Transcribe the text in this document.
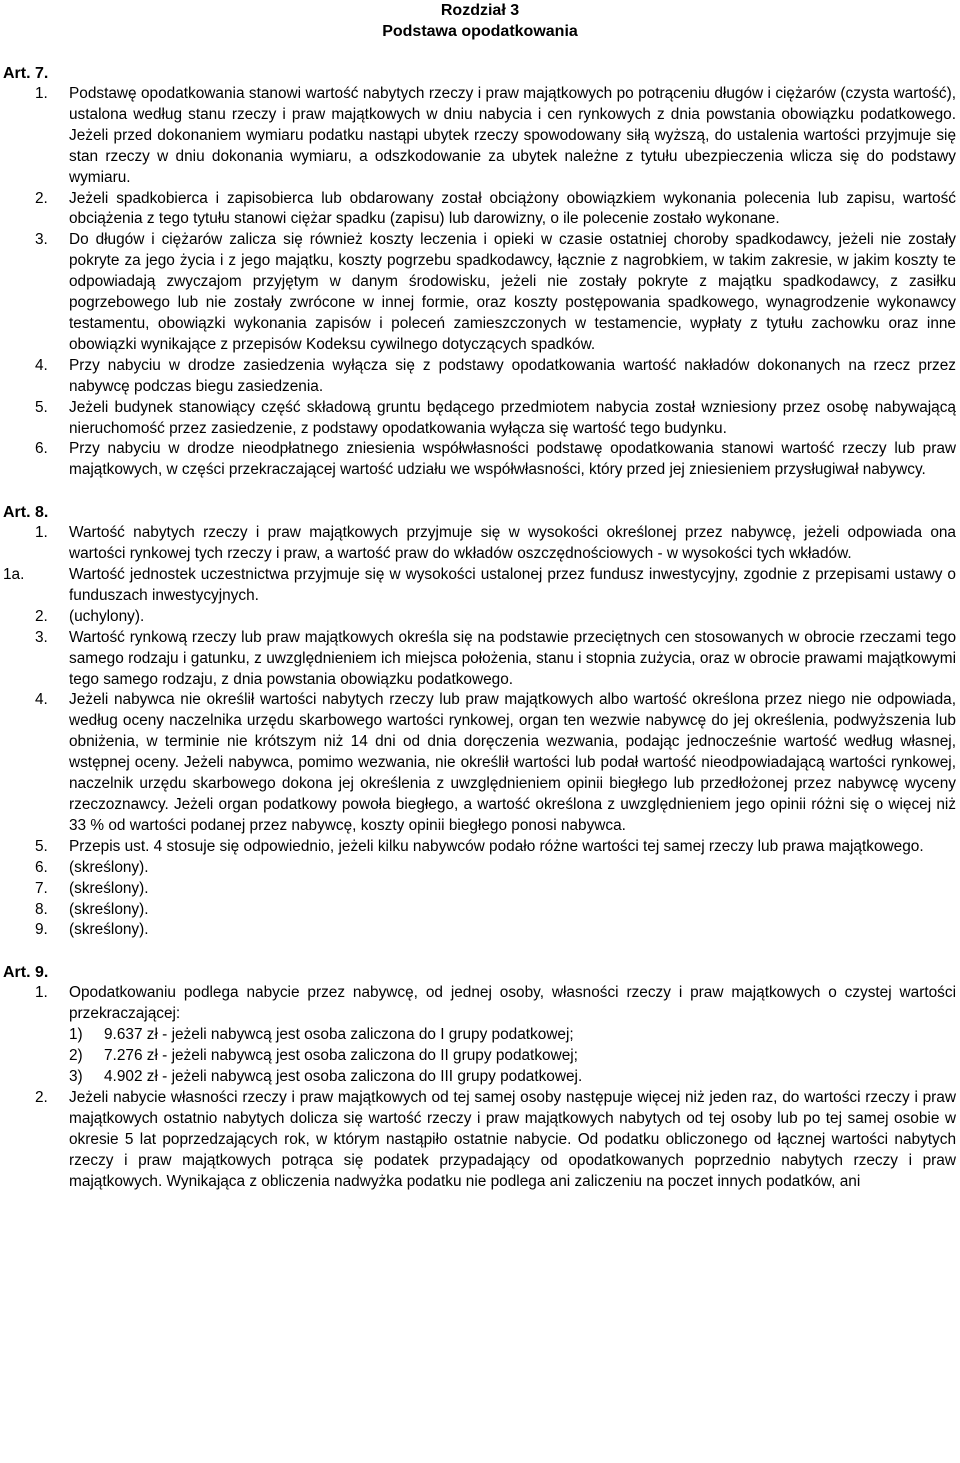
Rozdział 3
Podstawa opodatkowania
Art. 7.
1. Podstawę opodatkowania stanowi wartość nabytych rzeczy i praw majątkowych po potrąceniu długów i ciężarów (czysta wartość), ustalona według stanu rzeczy i praw majątkowych w dniu nabycia i cen rynkowych z dnia powstania obowiązku podatkowego. Jeżeli przed dokonaniem wymiaru podatku nastąpi ubytek rzeczy spowodowany siłą wyższą, do ustalenia wartości przyjmuje się stan rzeczy w dniu dokonania wymiaru, a odszkodowanie za ubytek należne z tytułu ubezpieczenia wlicza się do podstawy wymiaru.
2. Jeżeli spadkobierca i zapisobierca lub obdarowany został obciążony obowiązkiem wykonania polecenia lub zapisu, wartość obciążenia z tego tytułu stanowi ciężar spadku (zapisu) lub darowizny, o ile polecenie zostało wykonane.
3. Do długów i ciężarów zalicza się również koszty leczenia i opieki w czasie ostatniej choroby spadkodawcy, jeżeli nie zostały pokryte za jego życia i z jego majątku, koszty pogrzebu spadkodawcy, łącznie z nagrobkiem, w takim zakresie, w jakim koszty te odpowiadają zwyczajom przyjętym w danym środowisku, jeżeli nie zostały pokryte z majątku spadkodawcy, z zasiłku pogrzebowego lub nie zostały zwrócone w innej formie, oraz koszty postępowania spadkowego, wynagrodzenie wykonawcy testamentu, obowiązki wykonania zapisów i poleceń zamieszczonych w testamencie, wypłaty z tytułu zachowku oraz inne obowiązki wynikające z przepisów Kodeksu cywilnego dotyczących spadków.
4. Przy nabyciu w drodze zasiedzenia wyłącza się z podstawy opodatkowania wartość nakładów dokonanych na rzecz przez nabywcę podczas biegu zasiedzenia.
5. Jeżeli budynek stanowiący część składową gruntu będącego przedmiotem nabycia został wzniesiony przez osobę nabywającą nieruchomość przez zasiedzenie, z podstawy opodatkowania wyłącza się wartość tego budynku.
6. Przy nabyciu w drodze nieodpłatnego zniesienia współwłasności podstawę opodatkowania stanowi wartość rzeczy lub praw majątkowych, w części przekraczającej wartość udziału we współwłasności, który przed jej zniesieniem przysługiwał nabywcy.
Art. 8.
1. Wartość nabytych rzeczy i praw majątkowych przyjmuje się w wysokości określonej przez nabywcę, jeżeli odpowiada ona wartości rynkowej tych rzeczy i praw, a wartość praw do wkładów oszczędnościowych - w wysokości tych wkładów.
1a.	Wartość jednostek uczestnictwa przyjmuje się w wysokości ustalonej przez fundusz inwestycyjny, zgodnie z przepisami ustawy o funduszach inwestycyjnych.
2. (uchylony).
3. Wartość rynkową rzeczy lub praw majątkowych określa się na podstawie przeciętnych cen stosowanych w obrocie rzeczami tego samego rodzaju i gatunku, z uwzględnieniem ich miejsca położenia, stanu i stopnia zużycia, oraz w obrocie prawami majątkowymi tego samego rodzaju, z dnia powstania obowiązku podatkowego.
4. Jeżeli nabywca nie określił wartości nabytych rzeczy lub praw majątkowych albo wartość określona przez niego nie odpowiada, według oceny naczelnika urzędu skarbowego wartości rynkowej, organ ten wezwie nabywcę do jej określenia, podwyższenia lub obniżenia, w terminie nie krótszym niż 14 dni od dnia doręczenia wezwania, podając jednocześnie wartość według własnej, wstępnej oceny. Jeżeli nabywca, pomimo wezwania, nie określił wartości lub podał wartość nieodpowiadającą wartości rynkowej, naczelnik urzędu skarbowego dokona jej określenia z uwzględnieniem opinii biegłego lub przedłożonej przez nabywcę wyceny rzeczoznawcy. Jeżeli organ podatkowy powoła biegłego, a wartość określona z uwzględnieniem jego opinii różni się o więcej niż 33 % od wartości podanej przez nabywcę, koszty opinii biegłego ponosi nabywca.
5. Przepis ust. 4 stosuje się odpowiednio, jeżeli kilku nabywców podało różne wartości tej samej rzeczy lub prawa majątkowego.
6. (skreślony).
7. (skreślony).
8. (skreślony).
9. (skreślony).
Art. 9.
1. Opodatkowaniu podlega nabycie przez nabywcę, od jednej osoby, własności rzeczy i praw majątkowych o czystej wartości przekraczającej:
1) 9.637 zł - jeżeli nabywcą jest osoba zaliczona do I grupy podatkowej;
2) 7.276 zł - jeżeli nabywcą jest osoba zaliczona do II grupy podatkowej;
3) 4.902 zł - jeżeli nabywcą jest osoba zaliczona do III grupy podatkowej.
2. Jeżeli nabycie własności rzeczy i praw majątkowych od tej samej osoby następuje więcej niż jeden raz, do wartości rzeczy i praw majątkowych ostatnio nabytych dolicza się wartość rzeczy i praw majątkowych nabytych od tej osoby lub po tej samej osobie w okresie 5 lat poprzedzających rok, w którym nastąpiło ostatnie nabycie. Od podatku obliczonego od łącznej wartości nabytych rzeczy i praw majątkowych potrąca się podatek przypadający od opodatkowanych poprzednio nabytych rzeczy i praw majątkowych. Wynikająca z obliczenia nadwyżka podatku nie podlega ani zaliczeniu na poczet innych podatków, ani
